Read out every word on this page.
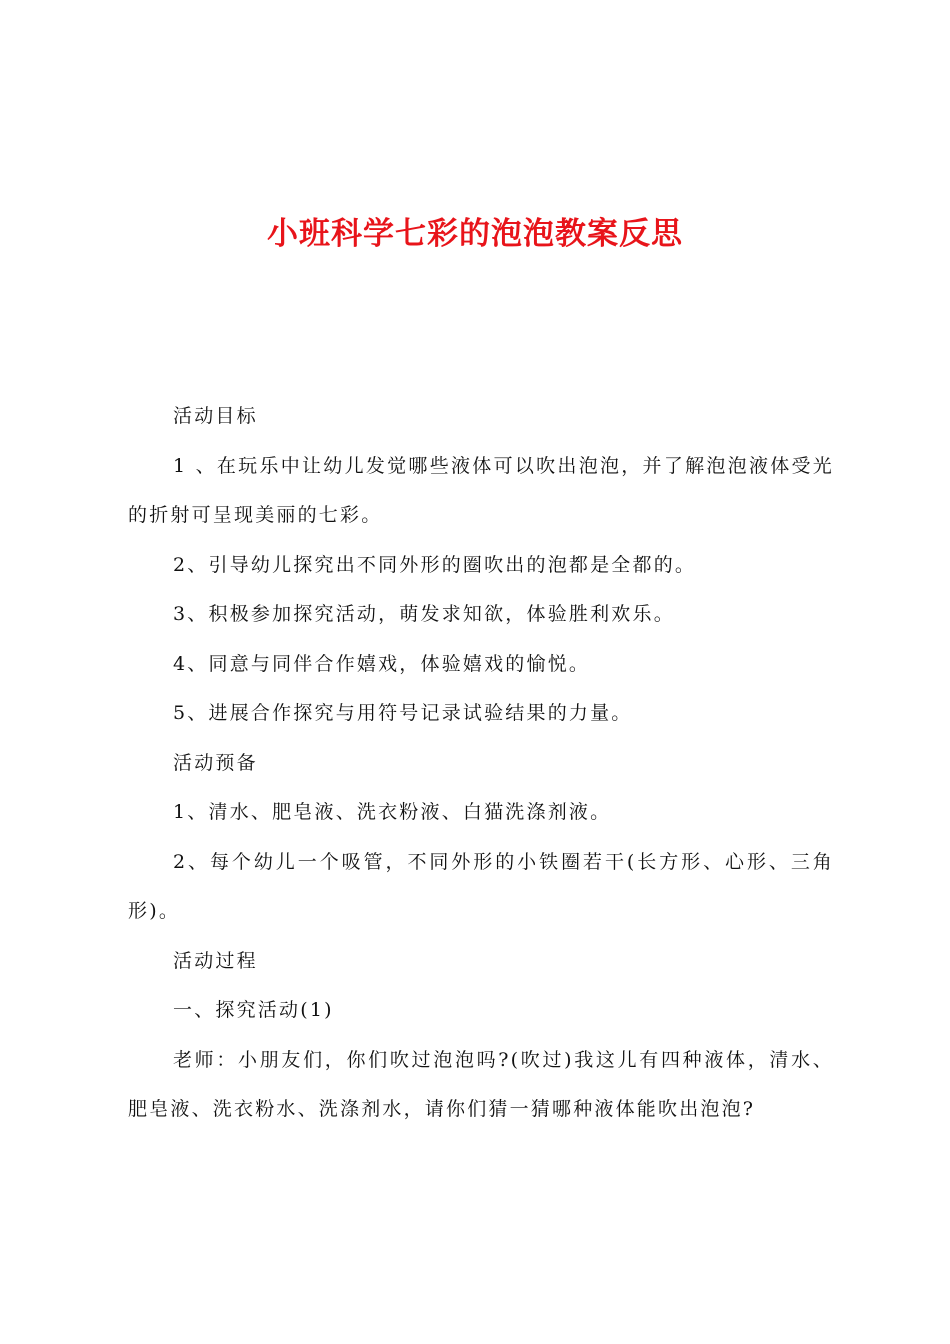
小班科学七彩的泡泡教案反思

活动目标

1 、在玩乐中让幼儿发觉哪些液体可以吹出泡泡，并了解泡泡液体受光的折射可呈现美丽的七彩。

2、引导幼儿探究出不同外形的圈吹出的泡都是全都的。

3、积极参加探究活动，萌发求知欲，体验胜利欢乐。

4、同意与同伴合作嬉戏，体验嬉戏的愉悦。

5、进展合作探究与用符号记录试验结果的力量。

活动预备

1、清水、肥皂液、洗衣粉液、白猫洗涤剂液。

2、每个幼儿一个吸管，不同外形的小铁圈若干(长方形、心形、三角形)。

活动过程

一、探究活动(1)

老师：小朋友们，你们吹过泡泡吗?(吹过)我这儿有四种液体，清水、肥皂液、洗衣粉水、洗涤剂水，请你们猜一猜哪种液体能吹出泡泡?
